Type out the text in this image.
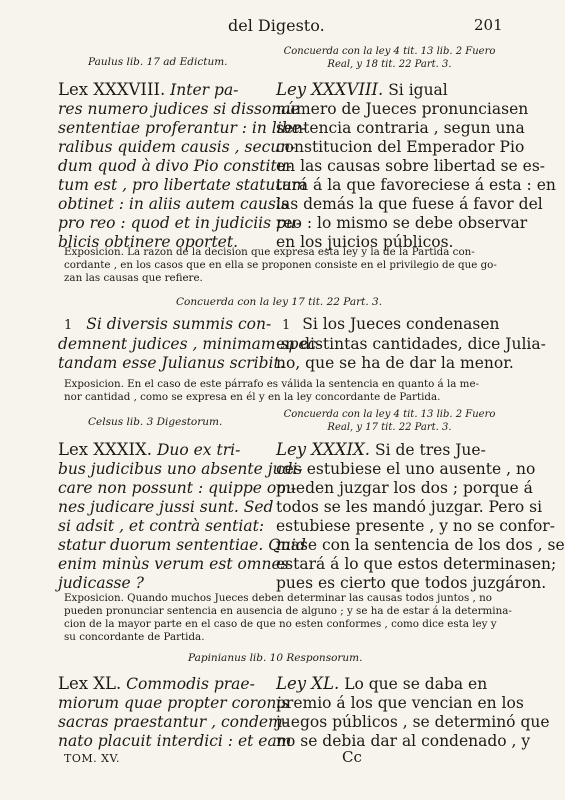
del Digesto.	201
Paulus lib. 17 ad Edictum.
Concuerda con la ley 4 tit. 13 lib. 2 Fuero
Real, y 18 tit. 22 Part. 3.
Lex XXXVIII. Inter pa-
res numero judices si dissonae
sententiae proferantur : in libe-
ralibus quidem causis , secun-
dum quod à divo Pio constitu-
tum est , pro libertate statutum
obtinet : in aliis autem causis
pro reo : quod et in judiciis pu-
blicis obtinere oportet.
Ley XXXVIII. Si igual
número de Jueces pronunciasen
sentencia contraria , segun una
constitucion del Emperador Pio
en las causas sobre libertad se es-
tará á la que favoreciese á esta : en
las demás la que fuese á favor del
reo : lo mismo se debe observar
en los juicios públicos.
Exposicion. La razon de la decision que expresa esta ley y la de la Partida con-
cordante , en los casos que en ella se proponen consiste en el privilegio de que go-
zan las causas que refiere.
Concuerda con la ley 17 tit. 22 Part. 3.
1 Si diversis summis con-
demnent judices , minimam spec-
tandam esse Julianus scribit.
1 Si los Jueces condenasen
en distintas cantidades, dice Julia-
no, que se ha de dar la menor.
Exposicion. En el caso de este párrafo es válida la sentencia en quanto á la me-
nor cantidad , como se expresa en él y en la ley concordante de Partida.
Celsus lib. 3 Digestorum.
Concuerda con la ley 4 tit. 13 lib. 2 Fuero
Real, y 17 tit. 22 Part. 3.
Lex XXXIX. Duo ex tri-
bus judicibus uno absente judi-
care non possunt : quippe om-
nes judicare jussi sunt. Sed
si adsit , et contrà sentiat:
statur duorum sententiae. Quid
enim minùs verum est omnes
judicasse ?
Ley XXXIX. Si de tres Jue-
ces estubiese el uno ausente , no
pueden juzgar los dos ; porque á
todos se les mandó juzgar. Pero si
estubiese presente , y no se confor-
mase con la sentencia de los dos , se
estará á lo que estos determinasen;
pues es cierto que todos juzgáron.
Exposicion. Quando muchos Jueces deben determinar las causas todos juntos , no
pueden pronunciar sentencia en ausencia de alguno ; y se ha de estar á la determina-
cion de la mayor parte en el caso de que no esten conformes , como dice esta ley y
su concordante de Partida.
Papinianus lib. 10 Responsorum.
Lex XL. Commodis prae-
miorum quae propter coronis
sacras praestantur , condem-
nato placuit interdici : et eam
Ley XL. Lo que se daba en
premio á los que vencian en los
juegos públicos , se determinó que
no se debia dar al condenado , y
TOM. XV.	Cc
